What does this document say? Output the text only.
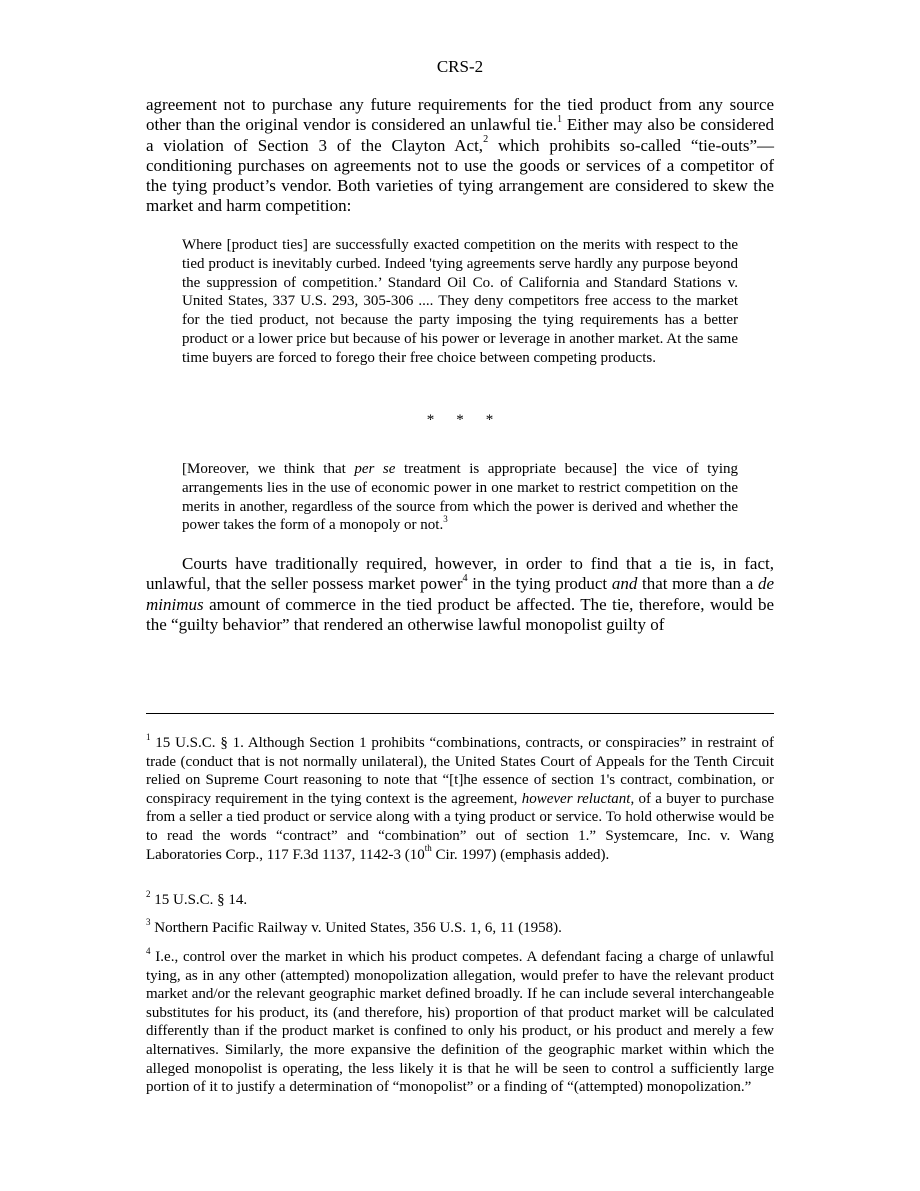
CRS-2

agreement not to purchase any future requirements for the tied product from any source other than the original vendor is considered an unlawful tie.$^1$ Either may also be considered a violation of Section 3 of the Clayton Act,$^2$ which prohibits so-called “tie-outs”—conditioning purchases on agreements not to use the goods or services of a competitor of the tying product’s vendor. Both varieties of tying arrangement are considered to skew the market and harm competition:

Where [product ties] are successfully exacted competition on the merits with respect to the tied product is inevitably curbed. Indeed 'tying agreements serve hardly any purpose beyond the suppression of competition.’ Standard Oil Co. of California and Standard Stations v. United States, 337 U.S. 293, 305-306 .... They deny competitors free access to the market for the tied product, not because the party imposing the tying requirements has a better product or a lower price but because of his power or leverage in another market. At the same time buyers are forced to forego their free choice between competing products.

* * *

[Moreover, we think that per se treatment is appropriate because] the vice of tying arrangements lies in the use of economic power in one market to restrict competition on the merits in another, regardless of the source from which the power is derived and whether the power takes the form of a monopoly or not.$^3$

Courts have traditionally required, however, in order to find that a tie is, in fact, unlawful, that the seller possess market power$^4$ in the tying product and that more than a de minimus amount of commerce in the tied product be affected. The tie, therefore, would be the “guilty behavior” that rendered an otherwise lawful monopolist guilty of

$^1$ 15 U.S.C. § 1. Although Section 1 prohibits “combinations, contracts, or conspiracies” in restraint of trade (conduct that is not normally unilateral), the United States Court of Appeals for the Tenth Circuit relied on Supreme Court reasoning to note that “[t]he essence of section 1's contract, combination, or conspiracy requirement in the tying context is the agreement, however reluctant, of a buyer to purchase from a seller a tied product or service along with a tying product or service. To hold otherwise would be to read the words “contract” and “combination” out of section 1.” Systemcare, Inc. v. Wang Laboratories Corp., 117 F.3d 1137, 1142-3 (10th Cir. 1997) (emphasis added).

$^2$ 15 U.S.C. § 14.

$^3$ Northern Pacific Railway v. United States, 356 U.S. 1, 6, 11 (1958).

$^4$ I.e., control over the market in which his product competes. A defendant facing a charge of unlawful tying, as in any other (attempted) monopolization allegation, would prefer to have the relevant product market and/or the relevant geographic market defined broadly. If he can include several interchangeable substitutes for his product, its (and therefore, his) proportion of that product market will be calculated differently than if the product market is confined to only his product, or his product and merely a few alternatives. Similarly, the more expansive the definition of the geographic market within which the alleged monopolist is operating, the less likely it is that he will be seen to control a sufficiently large portion of it to justify a determination of “monopolist” or a finding of “(attempted) monopolization.”
